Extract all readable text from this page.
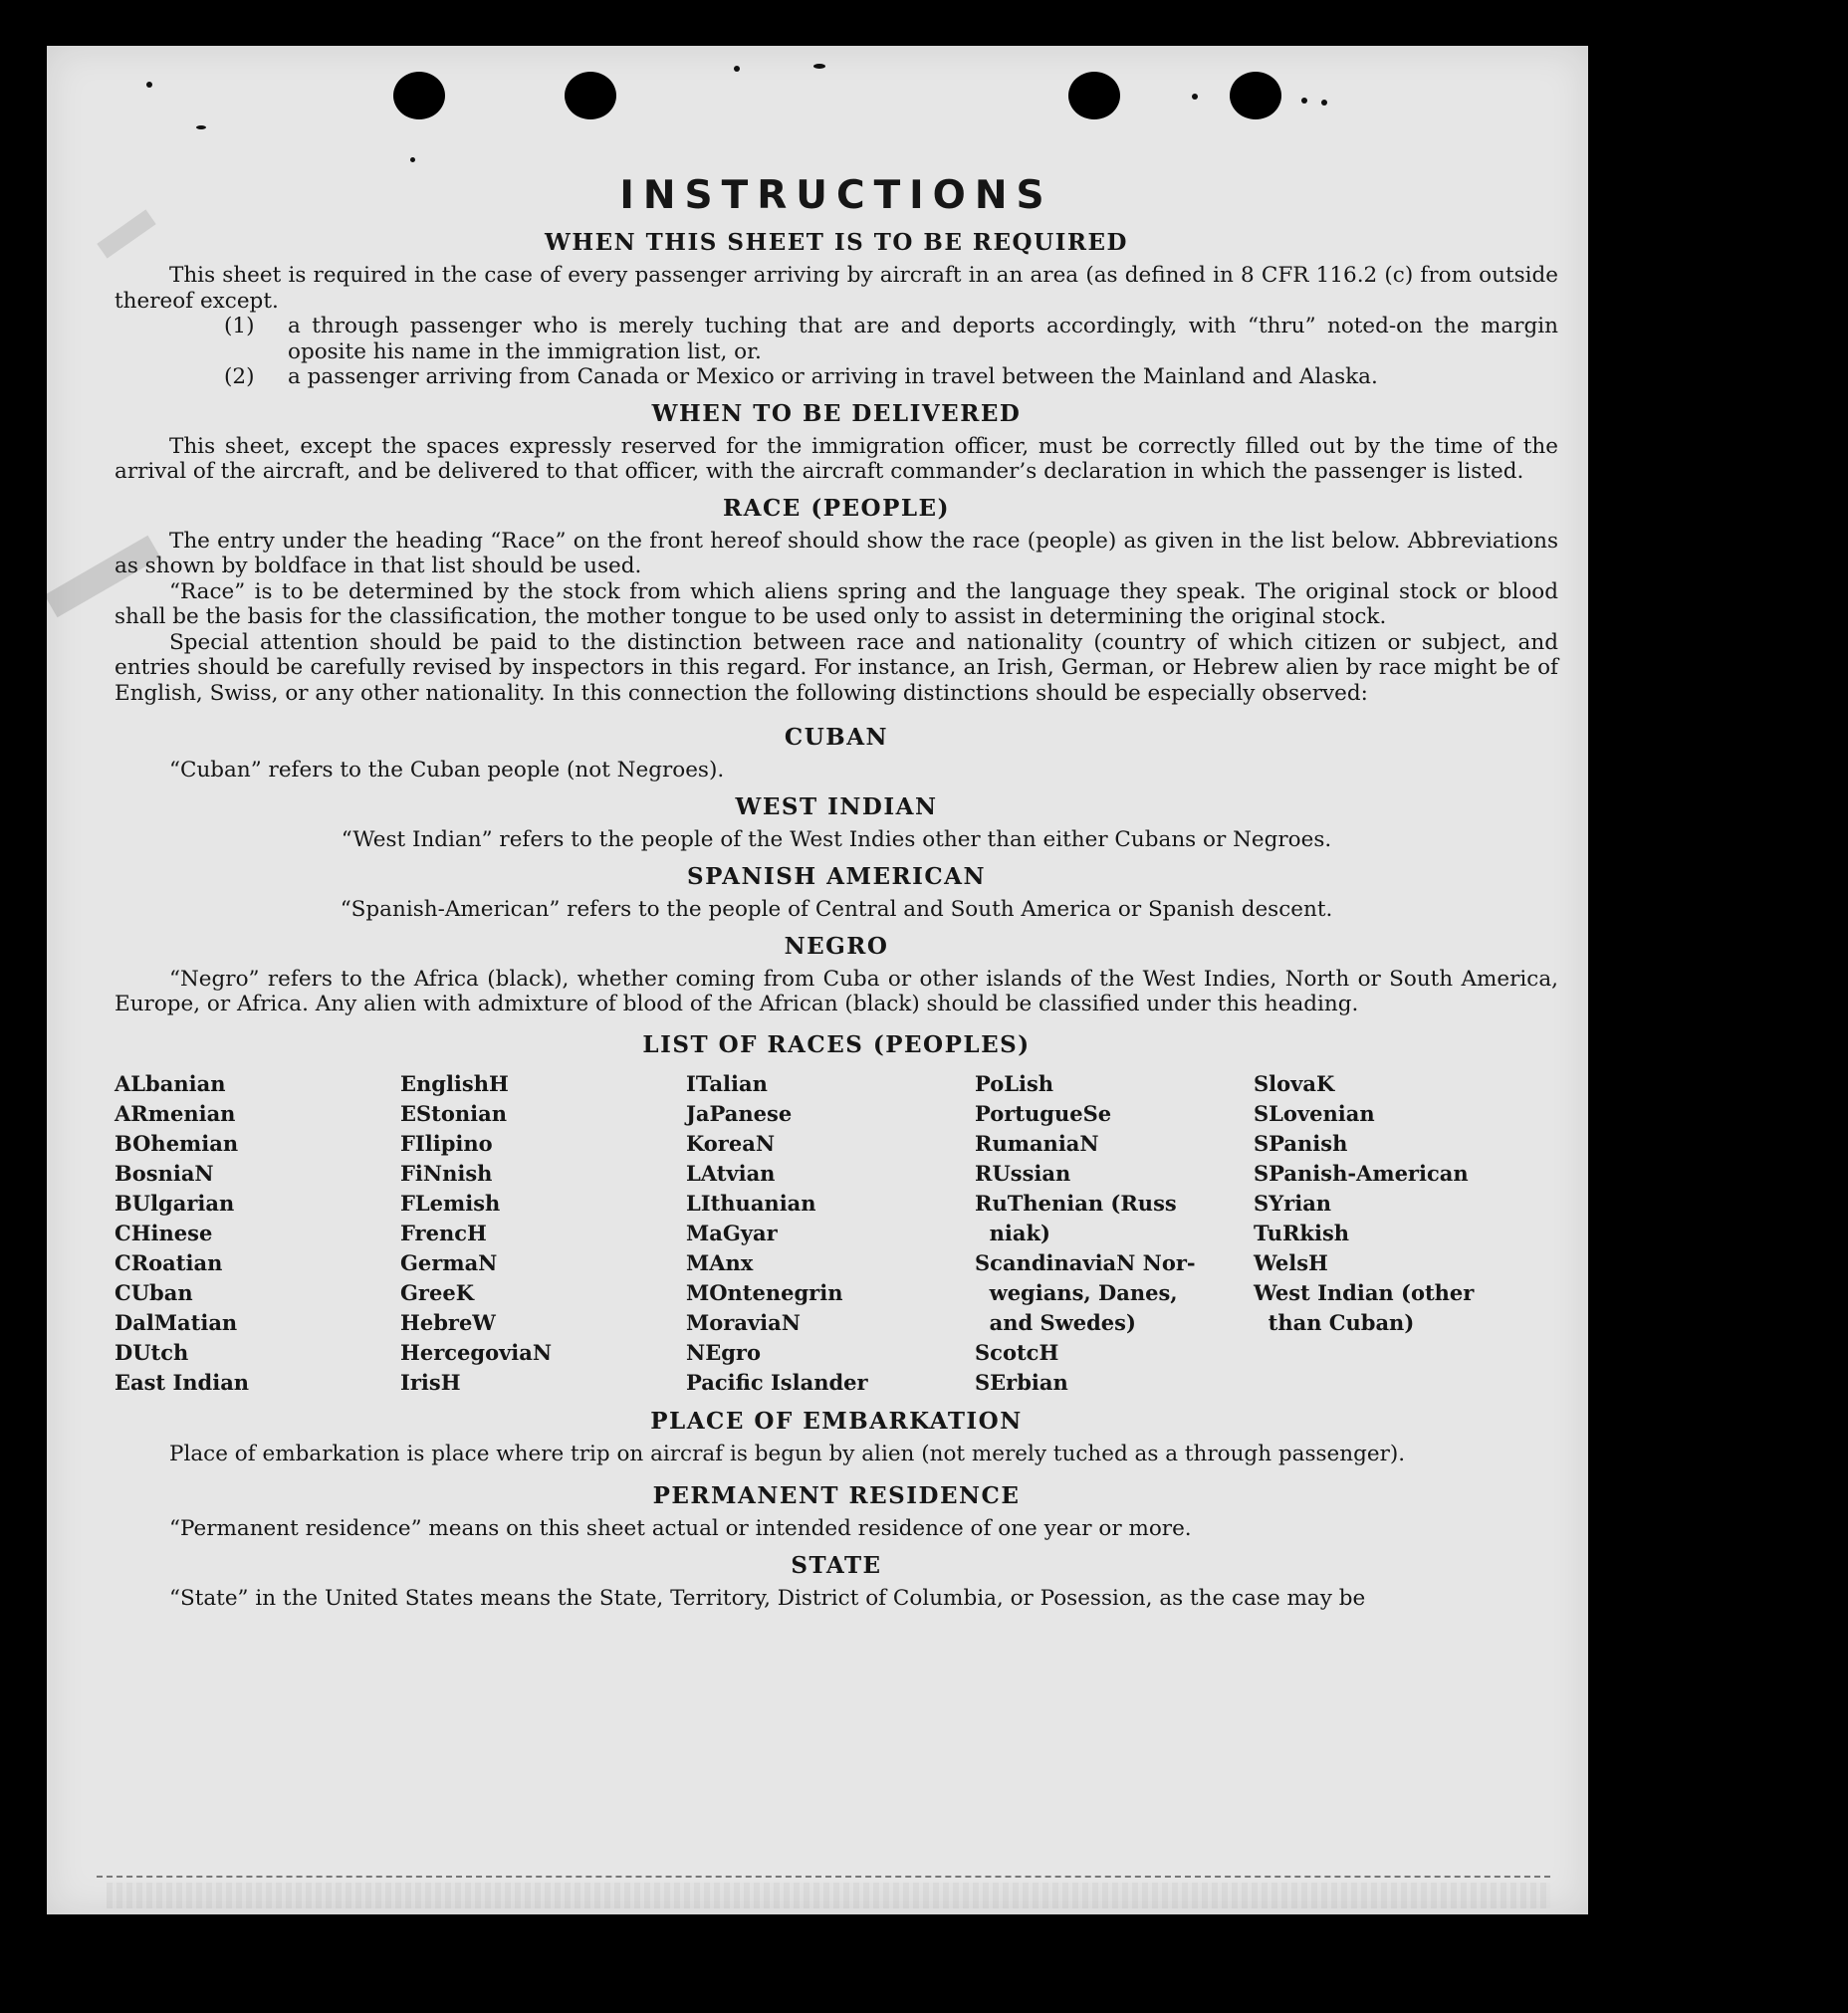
INSTRUCTIONS
WHEN THIS SHEET IS TO BE REQUIRED

This sheet is required in the case of every passenger arriving by aircraft in an area (as defined in 8 CFR 116.2 (c) from outside thereof except.

(1)	a through passenger who is merely tuching that are and deports accordingly, with “thru” noted-on the margin oposite his name in the immigration list, or.
(2)	a passenger arriving from Canada or Mexico or arriving in travel between the Mainland and Alaska.
WHEN TO BE DELIVERED

This sheet, except the spaces expressly reserved for the immigration officer, must be correctly filled out by the time of the arrival of the aircraft, and be delivered to that officer, with the aircraft commander’s declaration in which the passenger is listed.

RACE (PEOPLE)

The entry under the heading “Race” on the front hereof should show the race (people) as given in the list below. Abbreviations as shown by boldface in that list should be used.

“Race” is to be determined by the stock from which aliens spring and the language they speak. The original stock or blood shall be the basis for the classification, the mother tongue to be used only to assist in determining the original stock.

Special attention should be paid to the distinction between race and nationality (country of which citizen or subject, and entries should be carefully revised by inspectors in this regard. For instance, an Irish, German, or Hebrew alien by race might be of English, Swiss, or any other nationality. In this connection the following distinctions should be especially observed:

CUBAN

“Cuban” refers to the Cuban people (not Negroes).

WEST INDIAN

“West Indian” refers to the people of the West Indies other than either Cubans or Negroes.

SPANISH AMERICAN

“Spanish-American” refers to the people of Central and South America or Spanish descent.

NEGRO

“Negro” refers to the Africa (black), whether coming from Cuba or other islands of the West Indies, North or South America, Europe, or Africa. Any alien with admixture of blood of the African (black) should be classified under this heading.

LIST OF RACES (PEOPLES)
ALbanian
ARmenian
BOhemian
BosniaN
BUlgarian
CHinese
CRoatian
CUban
DalMatian
DUtch
East Indian
EnglishH
EStonian
FIlipino
FiNnish
FLemish
FrencH
GermaN
GreeK
HebreW
HercegoviaN
IrisH
ITalian
JaPanese
KoreaN
LAtvian
LIthuanian
MaGyar
MAnx
MOntenegrin
MoraviaN
NEgro
Pacific Islander
PoLish
PortugueSe
RumaniaN
RUssian
RuThenian (Russ
niak)
ScandinaviaN Nor-
wegians, Danes,
and Swedes)
ScotcH
SErbian
SlovaK
SLovenian
SPanish
SPanish-American
SYrian
TuRkish
WelsH
West Indian (other
than Cuban)
PLACE OF EMBARKATION

Place of embarkation is place where trip on aircraf is begun by alien (not merely tuched as a through passenger).

PERMANENT RESIDENCE

“Permanent residence” means on this sheet actual or intended residence of one year or more.

STATE

“State” in the United States means the State, Territory, District of Columbia, or Posession, as the case may be
